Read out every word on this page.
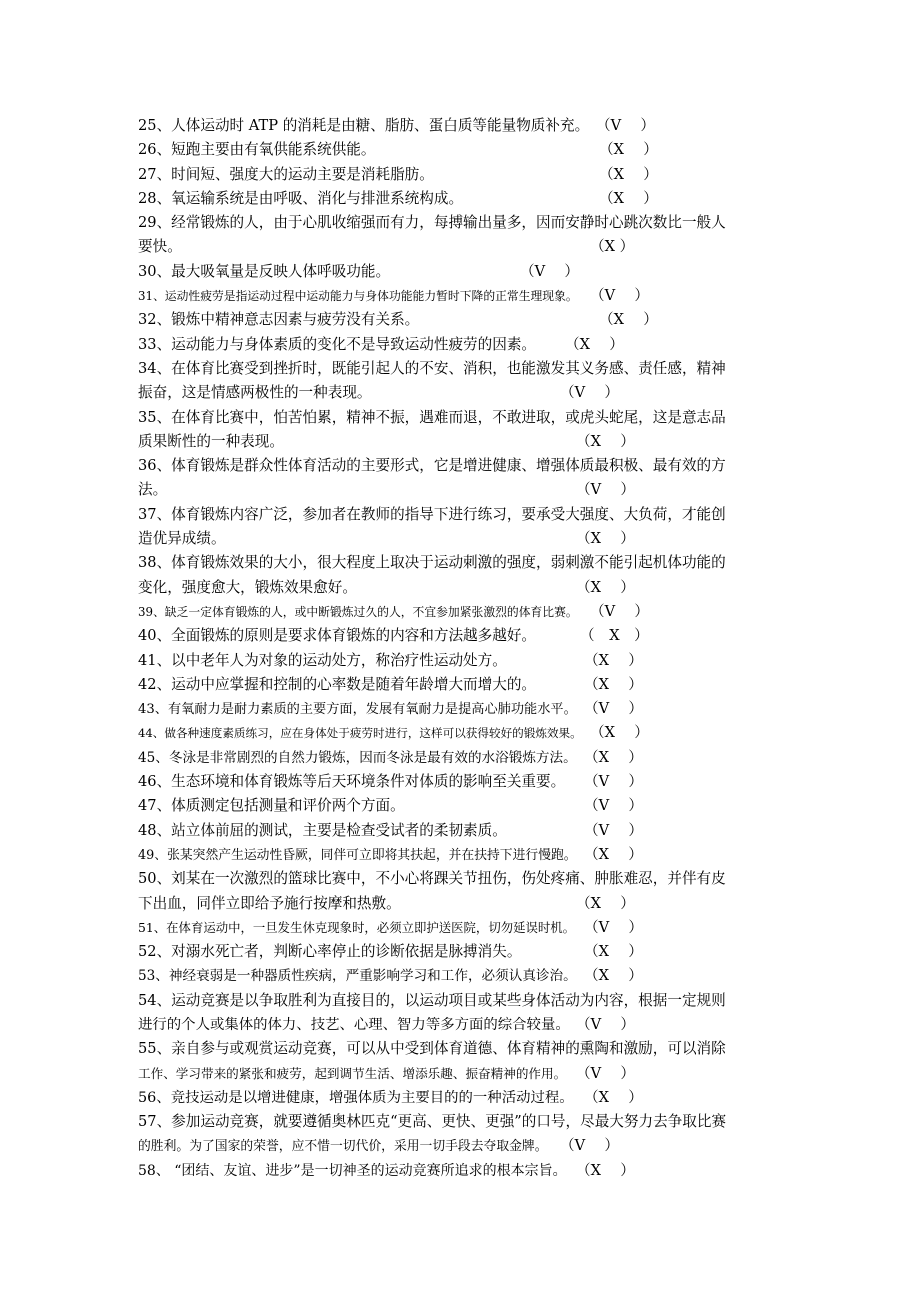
25、人体运动时 ATP 的消耗是由糖、脂肪、蛋白质等能量物质补充。 （V　 ）
26、短跑主要由有氧供能系统供能。	（X　 ）
27、时间短、强度大的运动主要是消耗脂肪。	（X　 ）
28、氧运输系统是由呼吸、消化与排泄系统构成。	（X　 ）
29、经常锻炼的人，由于心肌收缩强而有力，每搏输出量多，因而安静时心跳次数比一般人
要快。	（X ）
30、最大吸氧量是反映人体呼吸功能。	（V　 ）
31、运动性疲劳是指运动过程中运动能力与身体功能能力暂时下降的正常生理现象。 （V　 ）
32、锻炼中精神意志因素与疲劳没有关系。	（X　 ）
33、运动能力与身体素质的变化不是导致运动性疲劳的因素。 （X　 ）
34、在体育比赛受到挫折时，既能引起人的不安、消积，也能激发其义务感、责任感，精神
振奋，这是情感两极性的一种表现。	（V　 ）
35、在体育比赛中，怕苦怕累，精神不振，遇难而退，不敢进取，或虎头蛇尾，这是意志品
质果断性的一种表现。	（X　 ）
36、体育锻炼是群众性体育活动的主要形式，它是增进健康、增强体质最积极、最有效的方
法。	（V　 ）
37、体育锻炼内容广泛，参加者在教师的指导下进行练习，要承受大强度、大负荷，才能创
造优异成绩。	（X　 ）
38、体育锻炼效果的大小，很大程度上取决于运动刺激的强度，弱刺激不能引起机体功能的
变化，强度愈大，锻炼效果愈好。	（X　 ）
39、缺乏一定体育锻炼的人，或中断锻炼过久的人，不宜参加紧张激烈的体育比赛。 （V　 ）
40、全面锻炼的原则是要求体育锻炼的内容和方法越多越好。	（　X　）
41、以中老年人为对象的运动处方，称治疗性运动处方。	（X　 ）
42、运动中应掌握和控制的心率数是随着年龄增大而增大的。	（X　 ）
43、有氧耐力是耐力素质的主要方面，发展有氧耐力是提高心肺功能水平。 （V　 ）
44、做各种速度素质练习，应在身体处于疲劳时进行，这样可以获得较好的锻炼效果。 （X　 ）
45、冬泳是非常剧烈的自然力锻炼，因而冬泳是最有效的水浴锻炼方法。 （X　 ）
46、生态环境和体育锻炼等后天环境条件对体质的影响至关重要。 （V　 ）
47、体质测定包括测量和评价两个方面。	（V　 ）
48、站立体前屈的测试，主要是检查受试者的柔韧素质。	（V　 ）
49、张某突然产生运动性昏厥，同伴可立即将其扶起，并在扶持下进行慢跑。 （X　 ）
50、刘某在一次激烈的篮球比赛中，不小心将踝关节扭伤，伤处疼痛、肿胀难忍，并伴有皮
下出血，同伴立即给予施行按摩和热敷。	（X　 ）
51、在体育运动中，一旦发生休克现象时，必须立即护送医院，切勿延误时机。 （V　 ）
52、对溺水死亡者，判断心率停止的诊断依据是脉搏消失。	（X　 ）
53、神经衰弱是一种器质性疾病，严重影响学习和工作，必须认真诊治。 （X　 ）
54、运动竞赛是以争取胜利为直接目的，以运动项目或某些身体活动为内容，根据一定规则
进行的个人或集体的体力、技艺、心理、智力等多方面的综合较量。 （V　 ）
55、亲自参与或观赏运动竞赛，可以从中受到体育道德、体育精神的熏陶和激励，可以消除
工作、学习带来的紧张和疲劳，起到调节生活、增添乐趣、振奋精神的作用。 （V　 ）
56、竞技运动是以增进健康，增强体质为主要目的的一种活动过程。 （X　 ）
57、参加运动竞赛，就要遵循奥林匹克“更高、更快、更强”的口号，尽最大努力去争取比赛
的胜利。为了国家的荣誉，应不惜一切代价，采用一切手段去夺取金牌。 （V　 ）
58、 “团结、友谊、进步”是一切神圣的运动竞赛所追求的根本宗旨。 （X　 ）
